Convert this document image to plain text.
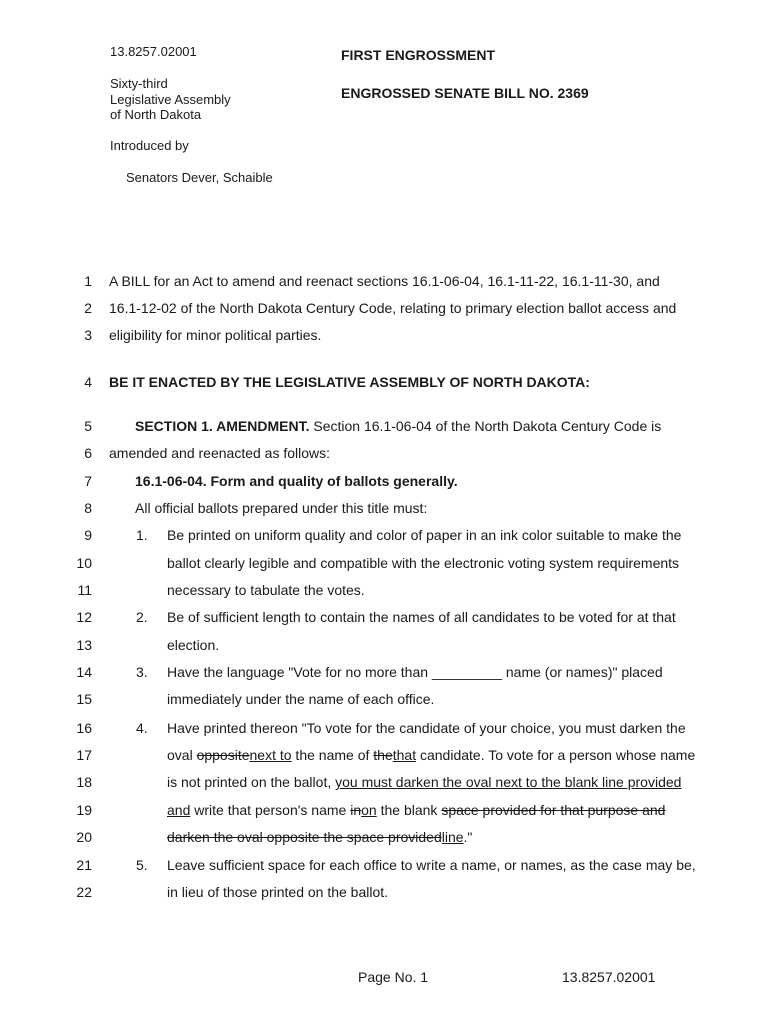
13.8257.02001
Sixty-third
Legislative Assembly
of North Dakota
Introduced by
Senators Dever, Schaible
FIRST ENGROSSMENT
ENGROSSED SENATE BILL NO. 2369
1 A BILL for an Act to amend and reenact sections 16.1-06-04, 16.1-11-22, 16.1-11-30, and
2 16.1-12-02 of the North Dakota Century Code, relating to primary election ballot access and
3 eligibility for minor political parties.
4 BE IT ENACTED BY THE LEGISLATIVE ASSEMBLY OF NORTH DAKOTA:
5	SECTION 1. AMENDMENT. Section 16.1-06-04 of the North Dakota Century Code is
6 amended and reenacted as follows:
7	16.1-06-04. Form and quality of ballots generally.
8	All official ballots prepared under this title must:
9	1. Be printed on uniform quality and color of paper in an ink color suitable to make the
10	ballot clearly legible and compatible with the electronic voting system requirements
11	necessary to tabulate the votes.
12	2. Be of sufficient length to contain the names of all candidates to be voted for at that
13	election.
14	3. Have the language "Vote for no more than _________ name (or names)" placed
15	immediately under the name of each office.
16	4. Have printed thereon "To vote for the candidate of your choice, you must darken the
17	oval oppositenext to the name of thethat candidate. To vote for a person whose name
18	is not printed on the ballot, you must darken the oval next to the blank line provided
19	and write that person's name inon the blank space provided for that purpose and
20	darken the oval opposite the space providedline."
21	5. Leave sufficient space for each office to write a name, or names, as the case may be,
22	in lieu of those printed on the ballot.
Page No. 1	13.8257.02001
